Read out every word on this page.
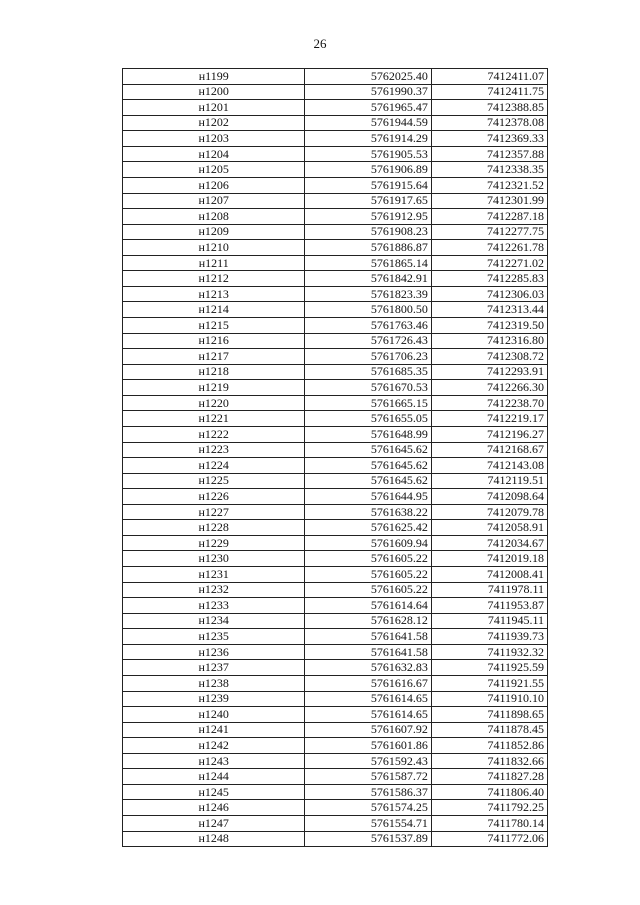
26
н1199	5762025.40	7412411.07
н1200	5761990.37	7412411.75
н1201	5761965.47	7412388.85
н1202	5761944.59	7412378.08
н1203	5761914.29	7412369.33
н1204	5761905.53	7412357.88
н1205	5761906.89	7412338.35
н1206	5761915.64	7412321.52
н1207	5761917.65	7412301.99
н1208	5761912.95	7412287.18
н1209	5761908.23	7412277.75
н1210	5761886.87	7412261.78
н1211	5761865.14	7412271.02
н1212	5761842.91	7412285.83
н1213	5761823.39	7412306.03
н1214	5761800.50	7412313.44
н1215	5761763.46	7412319.50
н1216	5761726.43	7412316.80
н1217	5761706.23	7412308.72
н1218	5761685.35	7412293.91
н1219	5761670.53	7412266.30
н1220	5761665.15	7412238.70
н1221	5761655.05	7412219.17
н1222	5761648.99	7412196.27
н1223	5761645.62	7412168.67
н1224	5761645.62	7412143.08
н1225	5761645.62	7412119.51
н1226	5761644.95	7412098.64
н1227	5761638.22	7412079.78
н1228	5761625.42	7412058.91
н1229	5761609.94	7412034.67
н1230	5761605.22	7412019.18
н1231	5761605.22	7412008.41
н1232	5761605.22	7411978.11
н1233	5761614.64	7411953.87
н1234	5761628.12	7411945.11
н1235	5761641.58	7411939.73
н1236	5761641.58	7411932.32
н1237	5761632.83	7411925.59
н1238	5761616.67	7411921.55
н1239	5761614.65	7411910.10
н1240	5761614.65	7411898.65
н1241	5761607.92	7411878.45
н1242	5761601.86	7411852.86
н1243	5761592.43	7411832.66
н1244	5761587.72	7411827.28
н1245	5761586.37	7411806.40
н1246	5761574.25	7411792.25
н1247	5761554.71	7411780.14
н1248	5761537.89	7411772.06
